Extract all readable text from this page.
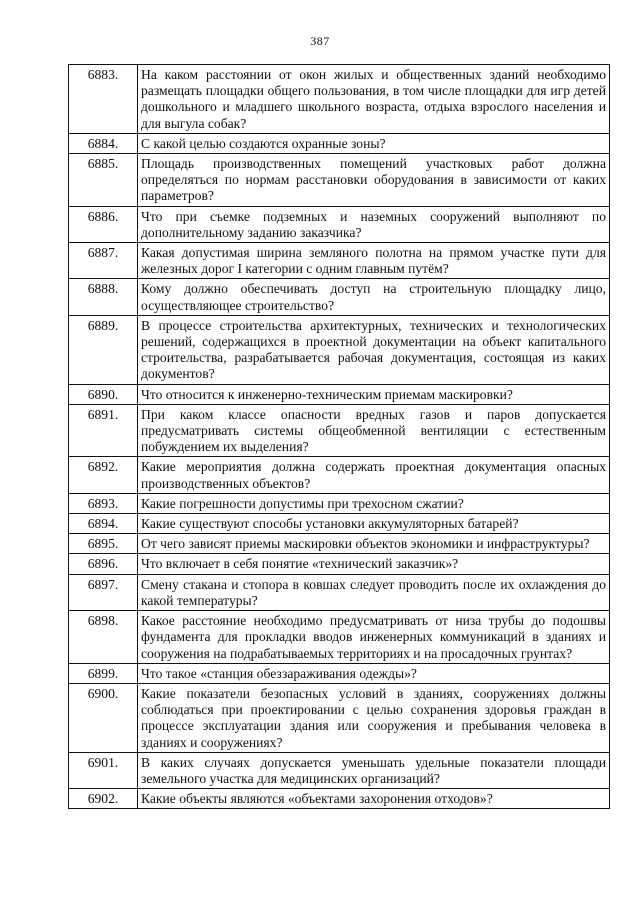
387
6883.	На каком расстоянии от окон жилых и общественных зданий необходимо размещать площадки общего пользования, в том числе площадки для игр детей дошкольного и младшего школьного возраста, отдыха взрослого населения и для выгула собак?
6884.	С какой целью создаются охранные зоны?
6885.	Площадь производственных помещений участковых работ должна определяться по нормам расстановки оборудования в зависимости от каких параметров?
6886.	Что при съемке подземных и наземных сооружений выполняют по дополнительному заданию заказчика?
6887.	Какая допустимая ширина земляного полотна на прямом участке пути для железных дорог I категории с одним главным путём?
6888.	Кому должно обеспечивать доступ на строительную площадку лицо, осуществляющее строительство?
6889.	В процессе строительства архитектурных, технических и технологических решений, содержащихся в проектной документации на объект капитального строительства, разрабатывается рабочая документация, состоящая из каких документов?
6890.	Что относится к инженерно-техническим приемам маскировки?
6891.	При каком классе опасности вредных газов и паров допускается предусматривать системы общеобменной вентиляции с естественным побуждением их выделения?
6892.	Какие мероприятия должна содержать проектная документация опасных производственных объектов?
6893.	Какие погрешности допустимы при трехосном сжатии?
6894.	Какие существуют способы установки аккумуляторных батарей?
6895.	От чего зависят приемы маскировки объектов экономики и инфраструктуры?
6896.	Что включает в себя понятие «технический заказчик»?
6897.	Смену стакана и стопора в ковшах следует проводить после их охлаждения до какой температуры?
6898.	Какое расстояние необходимо предусматривать от низа трубы до подошвы фундамента для прокладки вводов инженерных коммуникаций в зданиях и сооружения на подрабатываемых территориях и на просадочных грунтах?
6899.	Что такое «станция обеззараживания одежды»?
6900.	Какие показатели безопасных условий в зданиях, сооружениях должны соблюдаться при проектировании с целью сохранения здоровья граждан в процессе эксплуатации здания или сооружения и пребывания человека в зданиях и сооружениях?
6901.	В каких случаях допускается уменьшать удельные показатели площади земельного участка для медицинских организаций?
6902.	Какие объекты являются «объектами захоронения отходов»?
